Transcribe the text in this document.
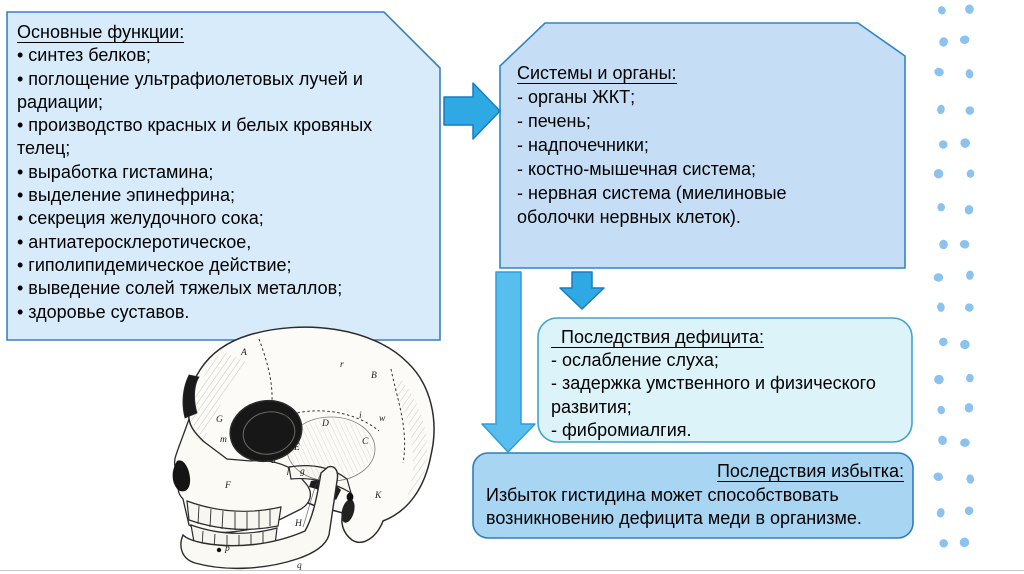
A
r
B
D
i w
C
E
G
m
a
b
d
f g
F
H
K
p
q
Основные функции:
• синтез белков;
• поглощение ультрафиолетовых лучей и
радиации;
• производство красных и белых кровяных
телец;
• выработка гистамина;
• выделение эпинефрина;
• секреция желудочного сока;
• антиатеросклеротическое,
• гиполипидемическое действие;
• выведение солей тяжелых металлов;
• здоровье суставов.
Системы и органы:
- органы ЖКТ;
- печень;
- надпочечники;
- костно-мышечная система;
- нервная система (миелиновые
оболочки нервных клеток).
Последствия дефицита:
- ослабление слуха;
- задержка умственного и физического
развития;
- фибромиалгия.
Последствия избытка:
Избыток гистидина может способствовать
возникновению дефицита меди в организме.
